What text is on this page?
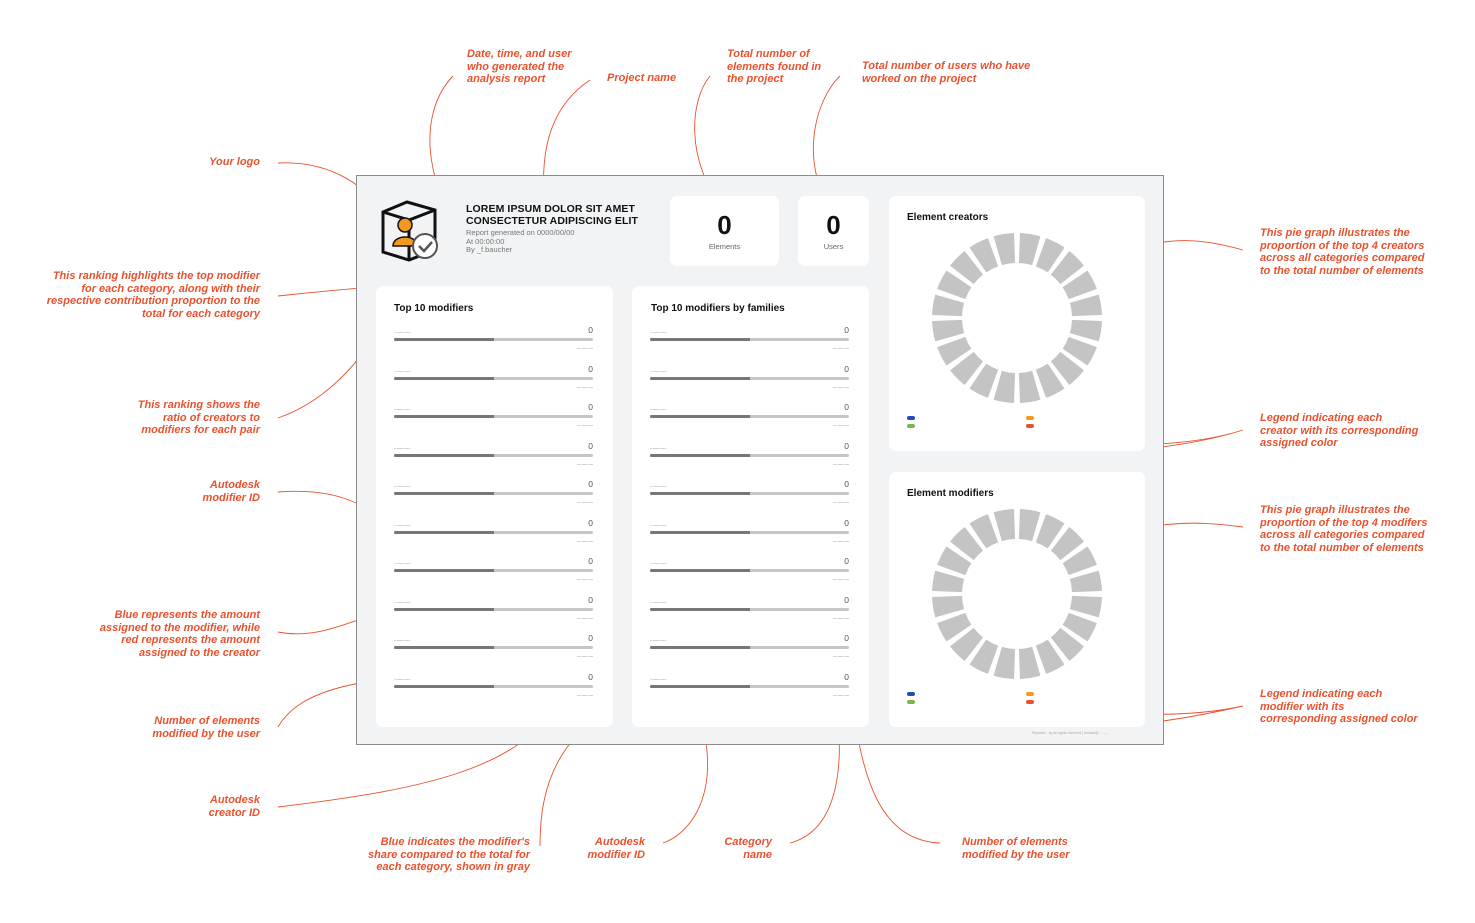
Date, time, and user
who generated the
analysis report	Project name
Total number of
elements found in
the project
Total number of users who have
worked on the project
Your logo
This ranking highlights the top modifier
for each category, along with their
respective contribution proportion to the
total for each category
This ranking shows the
ratio of creators to
modifiers for each pair
Autodesk
modifier ID
Blue represents the amount
assigned to the modifier, while
red represents the amount
assigned to the creator
Number of elements
modified by the user
Autodesk
creator ID
Blue indicates the modifier's
share compared to the total for
each category, shown in gray
Autodesk
modifier ID
Category
name
Number of elements
modified by the user
This pie graph illustrates the
proportion of the top 4 creators
across all categories compared
to the total number of elements
Legend indicating each
creator with its corresponding
assigned color
This pie graph illustrates the
proportion of the top 4 modifers
across all categories compared
to the total number of elements
Legend indicating each
modifier with its
corresponding assigned color
LOREM IPSUM DOLOR SIT AMET
CONSECTETUR ADIPISCING ELIT
Report generated on 0000/00/00
At 00:00:00
By _f.baucher
0
Elements
0
Users
Top 10 modifiers
..............	0
..............
..............	0
..............
..............	0
..............
..............	0
..............
..............	0
..............
..............	0
..............
..............	0
..............
..............	0
..............
..............	0
..............
..............	0
..............
Top 10 modifiers by families
..............	0
..............
..............	0
..............
..............	0
..............
..............	0
..............
..............	0
..............
..............	0
..............
..............	0
..............
..............	0
..............
..............	0
..............
..............	0
..............
Element creators
...	...
Element modifiers
...	...
Reporter - by all rights reserved | contact@..........
